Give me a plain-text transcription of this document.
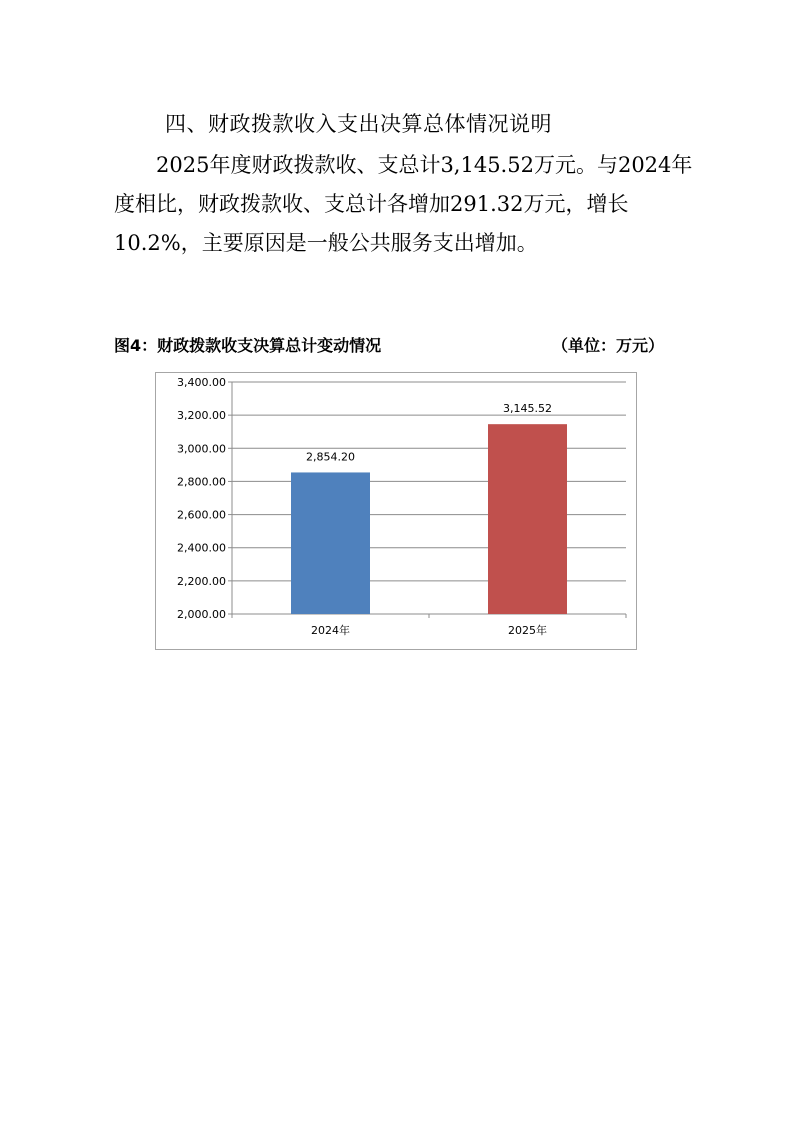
四、财政拨款收入支出决算总体情况说明
2025年度财政拨款收、支总计3,145.52万元。与2024年度相比，财政拨款收、支总计各增加291.32万元，增长10.2%，主要原因是一般公共服务支出增加。
图4：财政拨款收支决算总计变动情况	（单位：万元）
2,000.00
2,200.00
2,400.00
2,600.00
2,800.00
3,000.00
3,200.00
3,400.00
2,854.20
2024年
3,145.52
2025年
